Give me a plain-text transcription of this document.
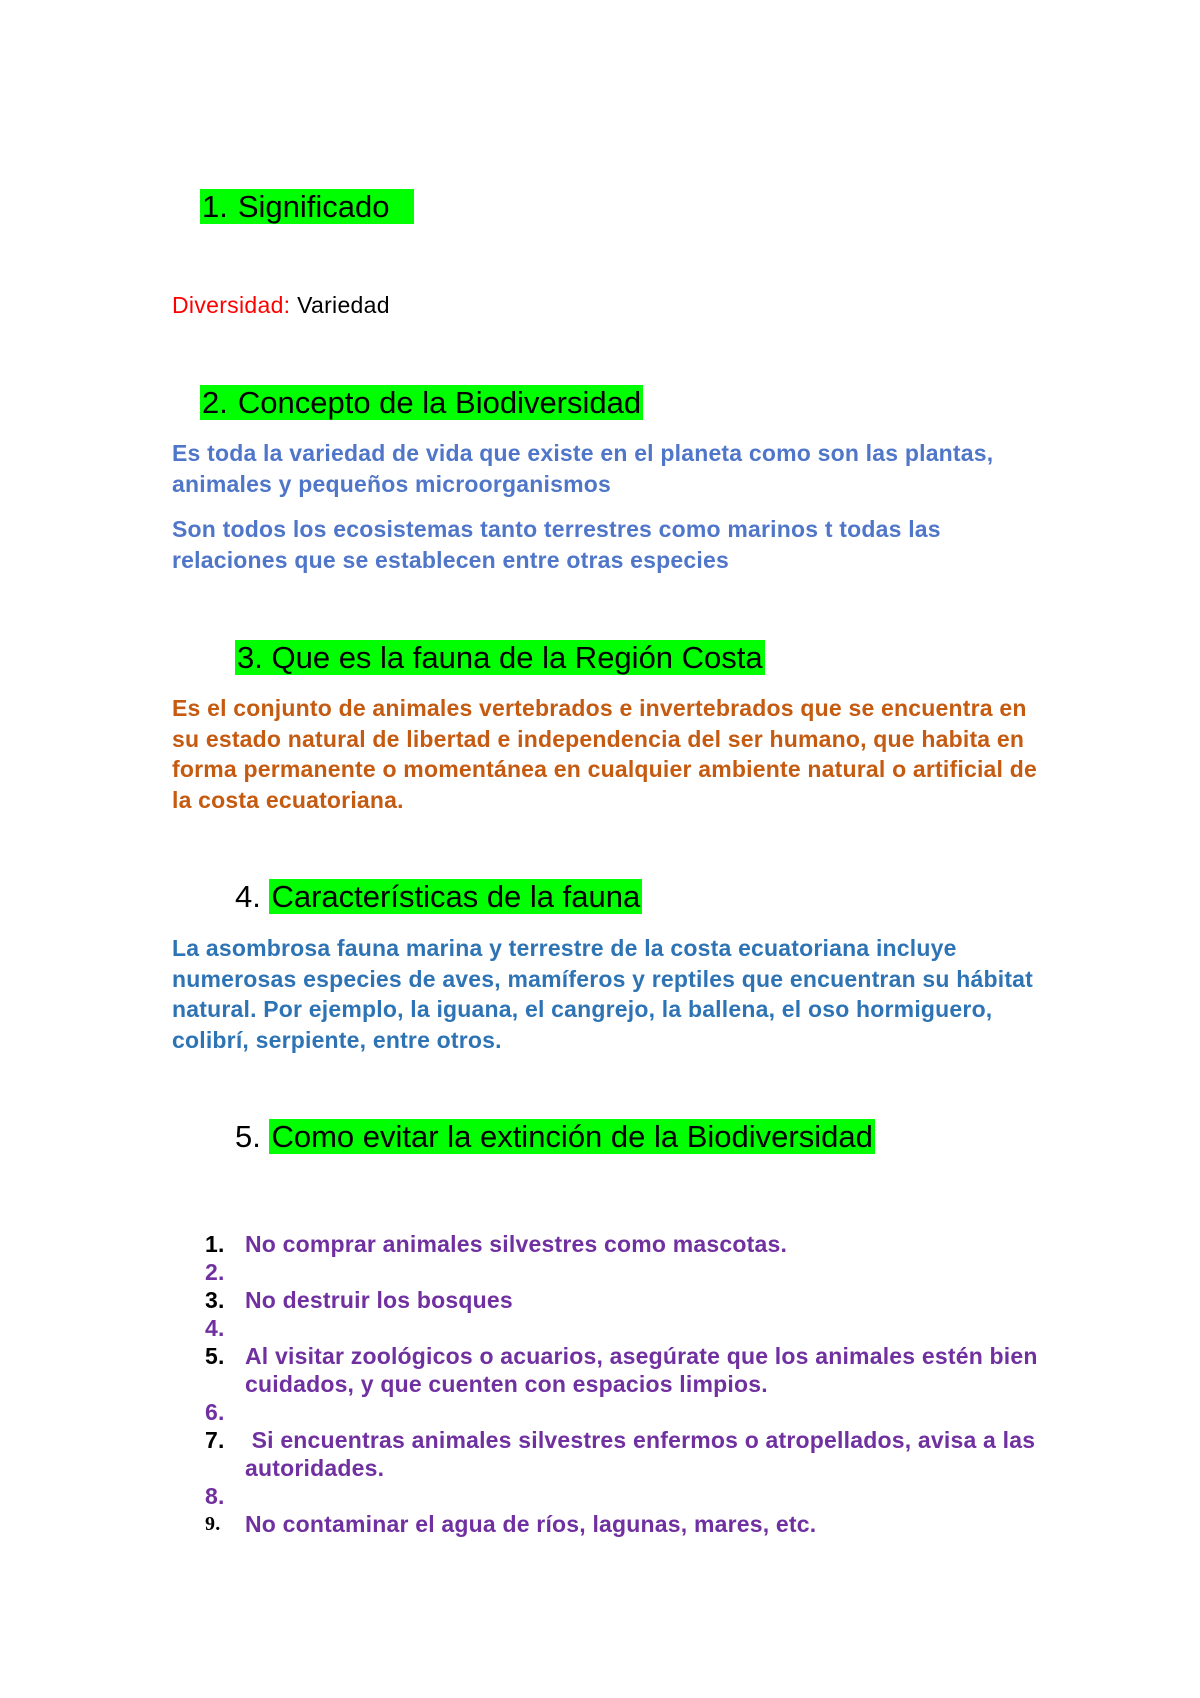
1. Significado
Diversidad: Variedad
2. Concepto de la Biodiversidad

Es toda la variedad de vida que existe en el planeta como son las plantas, animales y pequeños microorganismos

Son todos los ecosistemas tanto terrestres como marinos t todas las relaciones que se establecen entre otras especies

3. Que es la fauna de la Región Costa

Es el conjunto de animales vertebrados e invertebrados que se encuentra en su estado natural de libertad e independencia del ser humano, que habita en forma permanente o momentánea en cualquier ambiente natural o artificial de la costa ecuatoriana.

4. Características de la fauna

La asombrosa fauna marina y terrestre de la costa ecuatoriana incluye numerosas especies de aves, mamíferos y reptiles que encuentran su hábitat natural. Por ejemplo, la iguana, el cangrejo, la ballena, el oso hormiguero, colibrí, serpiente, entre otros.

5. Como evitar la extinción de la Biodiversidad
1. No comprar animales silvestres como mascotas.
2.

3. No destruir los bosques
4.

5. Al visitar zoológicos o acuarios, asegúrate que los animales estén bien cuidados, y que cuenten con espacios limpios.
6.

7. Si encuentras animales silvestres enfermos o atropellados, avisa a las autoridades.
8.

9. No contaminar el agua de ríos, lagunas, mares, etc.
